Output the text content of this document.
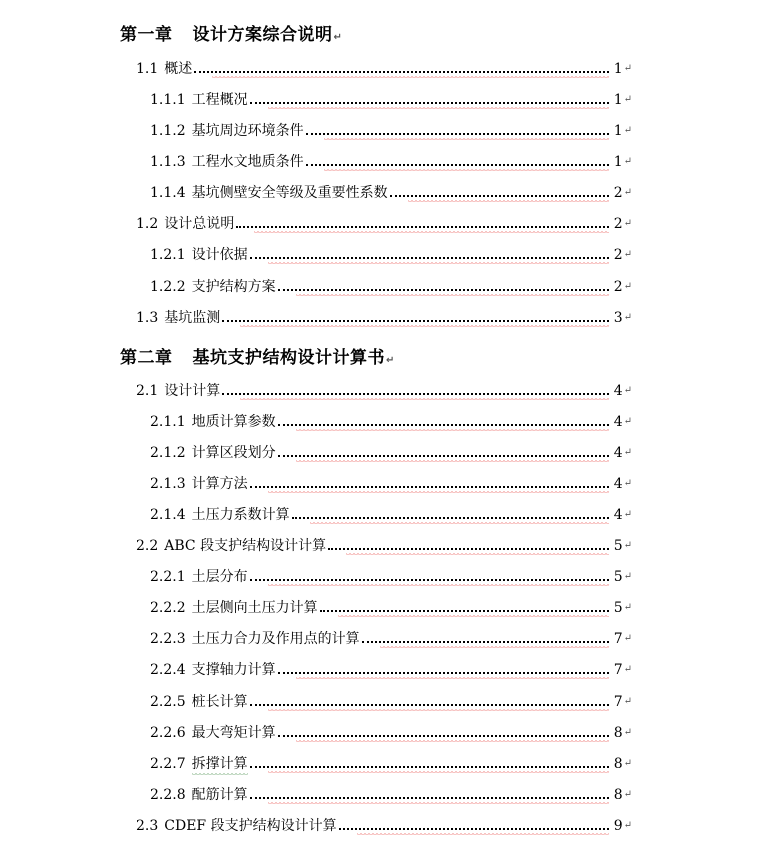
第一章 设计方案综合说明↵
1.1 概述	1 ↵
1.1.1 工程概况	1 ↵
1.1.2 基坑周边环境条件	1 ↵
1.1.3 工程水文地质条件	1 ↵
1.1.4 基坑侧壁安全等级及重要性系数	2 ↵
1.2 设计总说明	2 ↵
1.2.1 设计依据	2 ↵
1.2.2 支护结构方案	2 ↵
1.3 基坑监测	3 ↵
第二章 基坑支护结构设计计算书↵
2.1 设计计算	4 ↵
2.1.1 地质计算参数	4 ↵
2.1.2 计算区段划分	4 ↵
2.1.3 计算方法	4 ↵
2.1.4 土压力系数计算	4 ↵
2.2 ABC 段支护结构设计计算	5 ↵
2.2.1 土层分布	5 ↵
2.2.2 土层侧向土压力计算	5 ↵
2.2.3 土压力合力及作用点的计算	7 ↵
2.2.4 支撑轴力计算	7 ↵
2.2.5 桩长计算	7 ↵
2.2.6 最大弯矩计算	8 ↵
2.2.7 拆撑计算	8 ↵
2.2.8 配筋计算	8 ↵
2.3 CDEF 段支护结构设计计算	9 ↵
